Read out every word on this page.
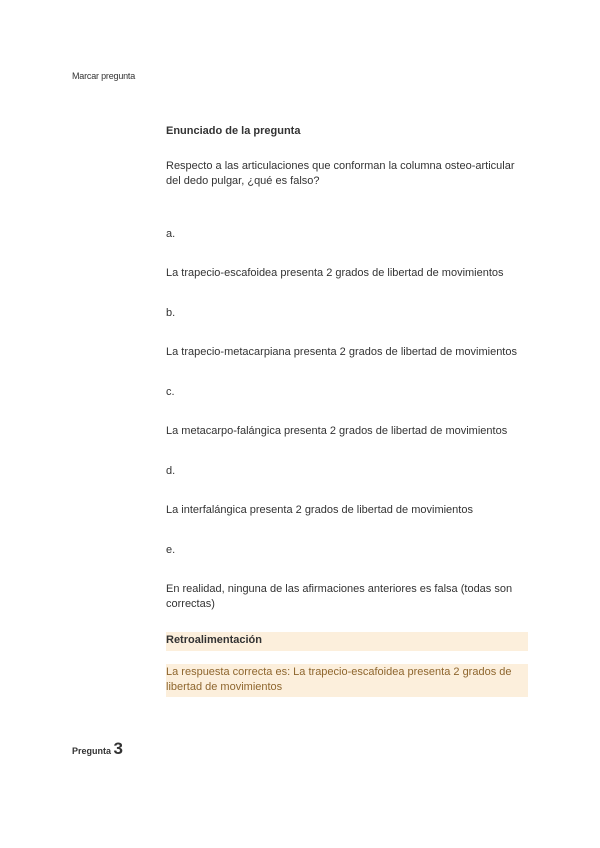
Marcar pregunta
Enunciado de la pregunta
Respecto a las articulaciones que conforman la columna osteo-articular del dedo pulgar, ¿qué es falso?
a.
La trapecio-escafoidea presenta 2 grados de libertad de movimientos
b.
La trapecio-metacarpiana presenta 2 grados de libertad de movimientos
c.
La metacarpo-falángica presenta 2 grados de libertad de movimientos
d.
La interfalángica presenta 2 grados de libertad de movimientos
e.
En realidad, ninguna de las afirmaciones anteriores es falsa (todas son correctas)
Retroalimentación
La respuesta correcta es: La trapecio-escafoidea presenta 2 grados de libertad de movimientos
Pregunta 3
